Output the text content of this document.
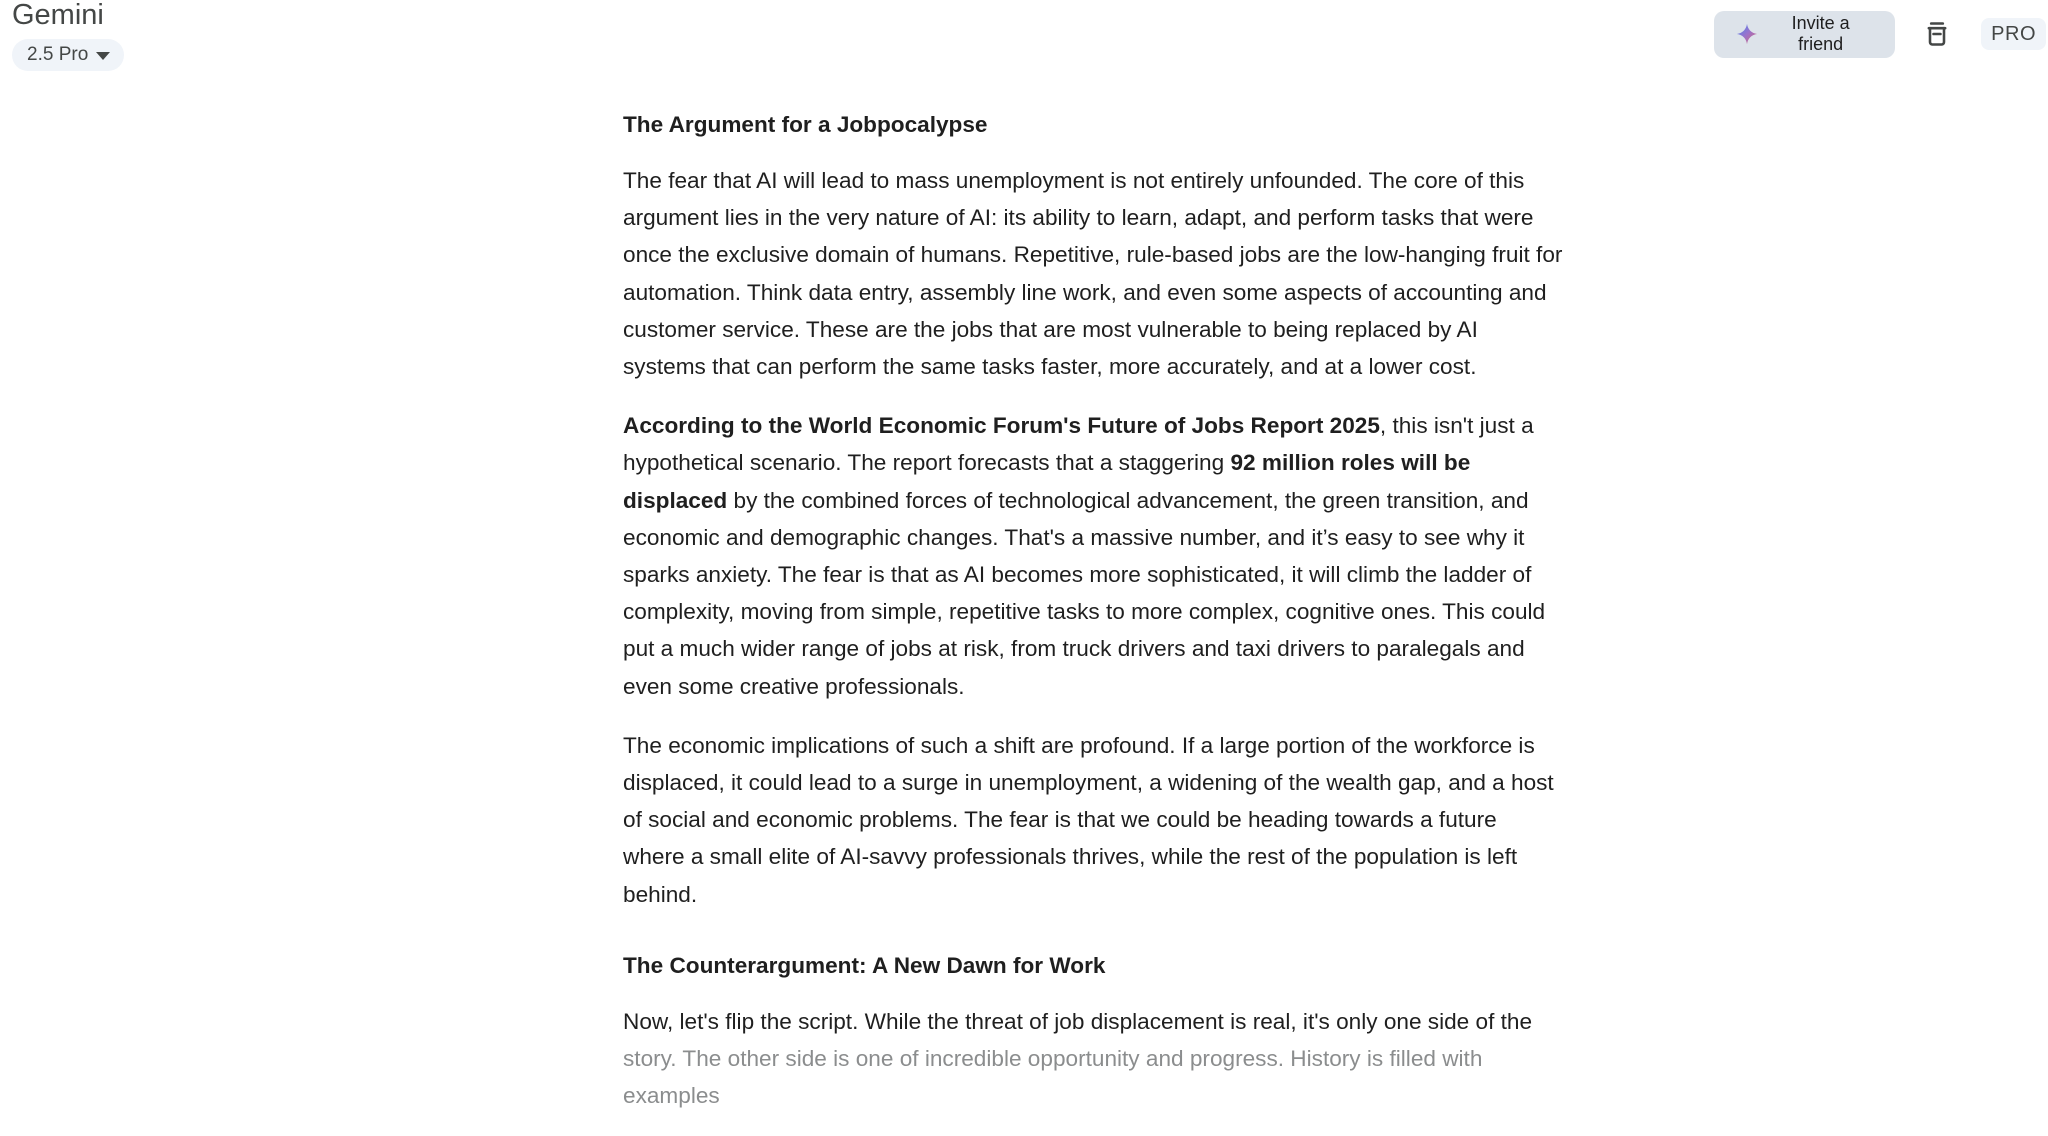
Gemini
2.5 Pro
Invite a friend	PRO
The Argument for a Jobpocalypse

The fear that AI will lead to mass unemployment is not entirely unfounded. The core of this argument lies in the very nature of AI: its ability to learn, adapt, and perform tasks that were once the exclusive domain of humans. Repetitive, rule-based jobs are the low-hanging fruit for automation. Think data entry, assembly line work, and even some aspects of accounting and customer service. These are the jobs that are most vulnerable to being replaced by AI systems that can perform the same tasks faster, more accurately, and at a lower cost.

According to the World Economic Forum's Future of Jobs Report 2025, this isn't just a hypothetical scenario. The report forecasts that a staggering 92 million roles will be displaced by the combined forces of technological advancement, the green transition, and economic and demographic changes. That's a massive number, and it’s easy to see why it sparks anxiety. The fear is that as AI becomes more sophisticated, it will climb the ladder of complexity, moving from simple, repetitive tasks to more complex, cognitive ones. This could put a much wider range of jobs at risk, from truck drivers and taxi drivers to paralegals and even some creative professionals.

The economic implications of such a shift are profound. If a large portion of the workforce is displaced, it could lead to a surge in unemployment, a widening of the wealth gap, and a host of social and economic problems. The fear is that we could be heading towards a future where a small elite of AI-savvy professionals thrives, while the rest of the population is left behind.

The Counterargument: A New Dawn for Work

Now, let's flip the script. While the threat of job displacement is real, it's only one side of the story. The other side is one of incredible opportunity and progress. History is filled with examples
